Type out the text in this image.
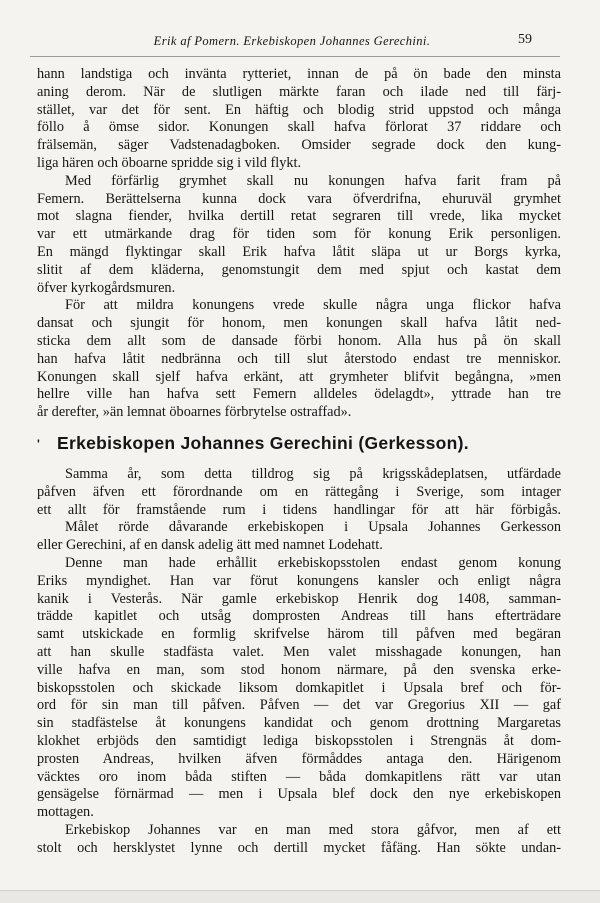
Erik af Pomern. Erkebiskopen Johannes Gerechini.	59
hann landstiga och invänta rytteriet, innan de på ön bade den minsta
aning derom. När de slutligen märkte faran och ilade ned till färj-
stället, var det för sent. En häftig och blodig strid uppstod och många
föllo å ömse sidor. Konungen skall hafva förlorat 37 riddare och
frälsemän, säger Vadstenadagboken. Omsider segrade dock den kung-
liga hären och öboarne spridde sig i vild flykt.
Med förfärlig grymhet skall nu konungen hafva farit fram på
Femern. Berättelserna kunna dock vara öfverdrifna, ehuruväl grymhet
mot slagna fiender, hvilka dertill retat segraren till vrede, lika mycket
var ett utmärkande drag för tiden som för konung Erik personligen.
En mängd flyktingar skall Erik hafva låtit släpa ut ur Borgs kyrka,
slitit af dem kläderna, genomstungit dem med spjut och kastat dem
öfver kyrkogårdsmuren.
För att mildra konungens vrede skulle några unga flickor hafva
dansat och sjungit för honom, men konungen skall hafva låtit ned-
sticka dem allt som de dansade förbi honom. Alla hus på ön skall
han hafva låtit nedbränna och till slut återstodo endast tre menniskor.
Konungen skall sjelf hafva erkänt, att grymheter blifvit begångna, »men
hellre ville han hafva sett Femern alldeles ödelagdt», yttrade han tre
år derefter, »än lemnat öboarnes förbrytelse ostraffad».
' Erkebiskopen Johannes Gerechini (Gerkesson).
Samma år, som detta tilldrog sig på krigsskådeplatsen, utfärdade
påfven äfven ett förordnande om en rättegång i Sverige, som intager
ett allt för framstående rum i tidens handlingar för att här förbigås.
Målet rörde dåvarande erkebiskopen i Upsala Johannes Gerkesson
eller Gerechini, af en dansk adelig ätt med namnet Lodehatt.
Denne man hade erhållit erkebiskopsstolen endast genom konung
Eriks myndighet. Han var förut konungens kansler och enligt några
kanik i Vesterås. När gamle erkebiskop Henrik dog 1408, samman-
trädde kapitlet och utsåg domprosten Andreas till hans efterträdare
samt utskickade en formlig skrifvelse härom till påfven med begäran
att han skulle stadfästa valet. Men valet misshagade konungen, han
ville hafva en man, som stod honom närmare, på den svenska erke-
biskopsstolen och skickade liksom domkapitlet i Upsala bref och för-
ord för sin man till påfven. Påfven — det var Gregorius XII — gaf
sin stadfästelse åt konungens kandidat och genom drottning Margaretas
klokhet erbjöds den samtidigt lediga biskopsstolen i Strengnäs åt dom-
prosten Andreas, hvilken äfven förmåddes antaga den. Härigenom
väcktes oro inom båda stiften — båda domkapitlens rätt var utan
gensägelse förnärmad — men i Upsala blef dock den nye erkebiskopen
mottagen.
Erkebiskop Johannes var en man med stora gåfvor, men af ett
stolt och hersklystet lynne och dertill mycket fåfäng. Han sökte undan-
